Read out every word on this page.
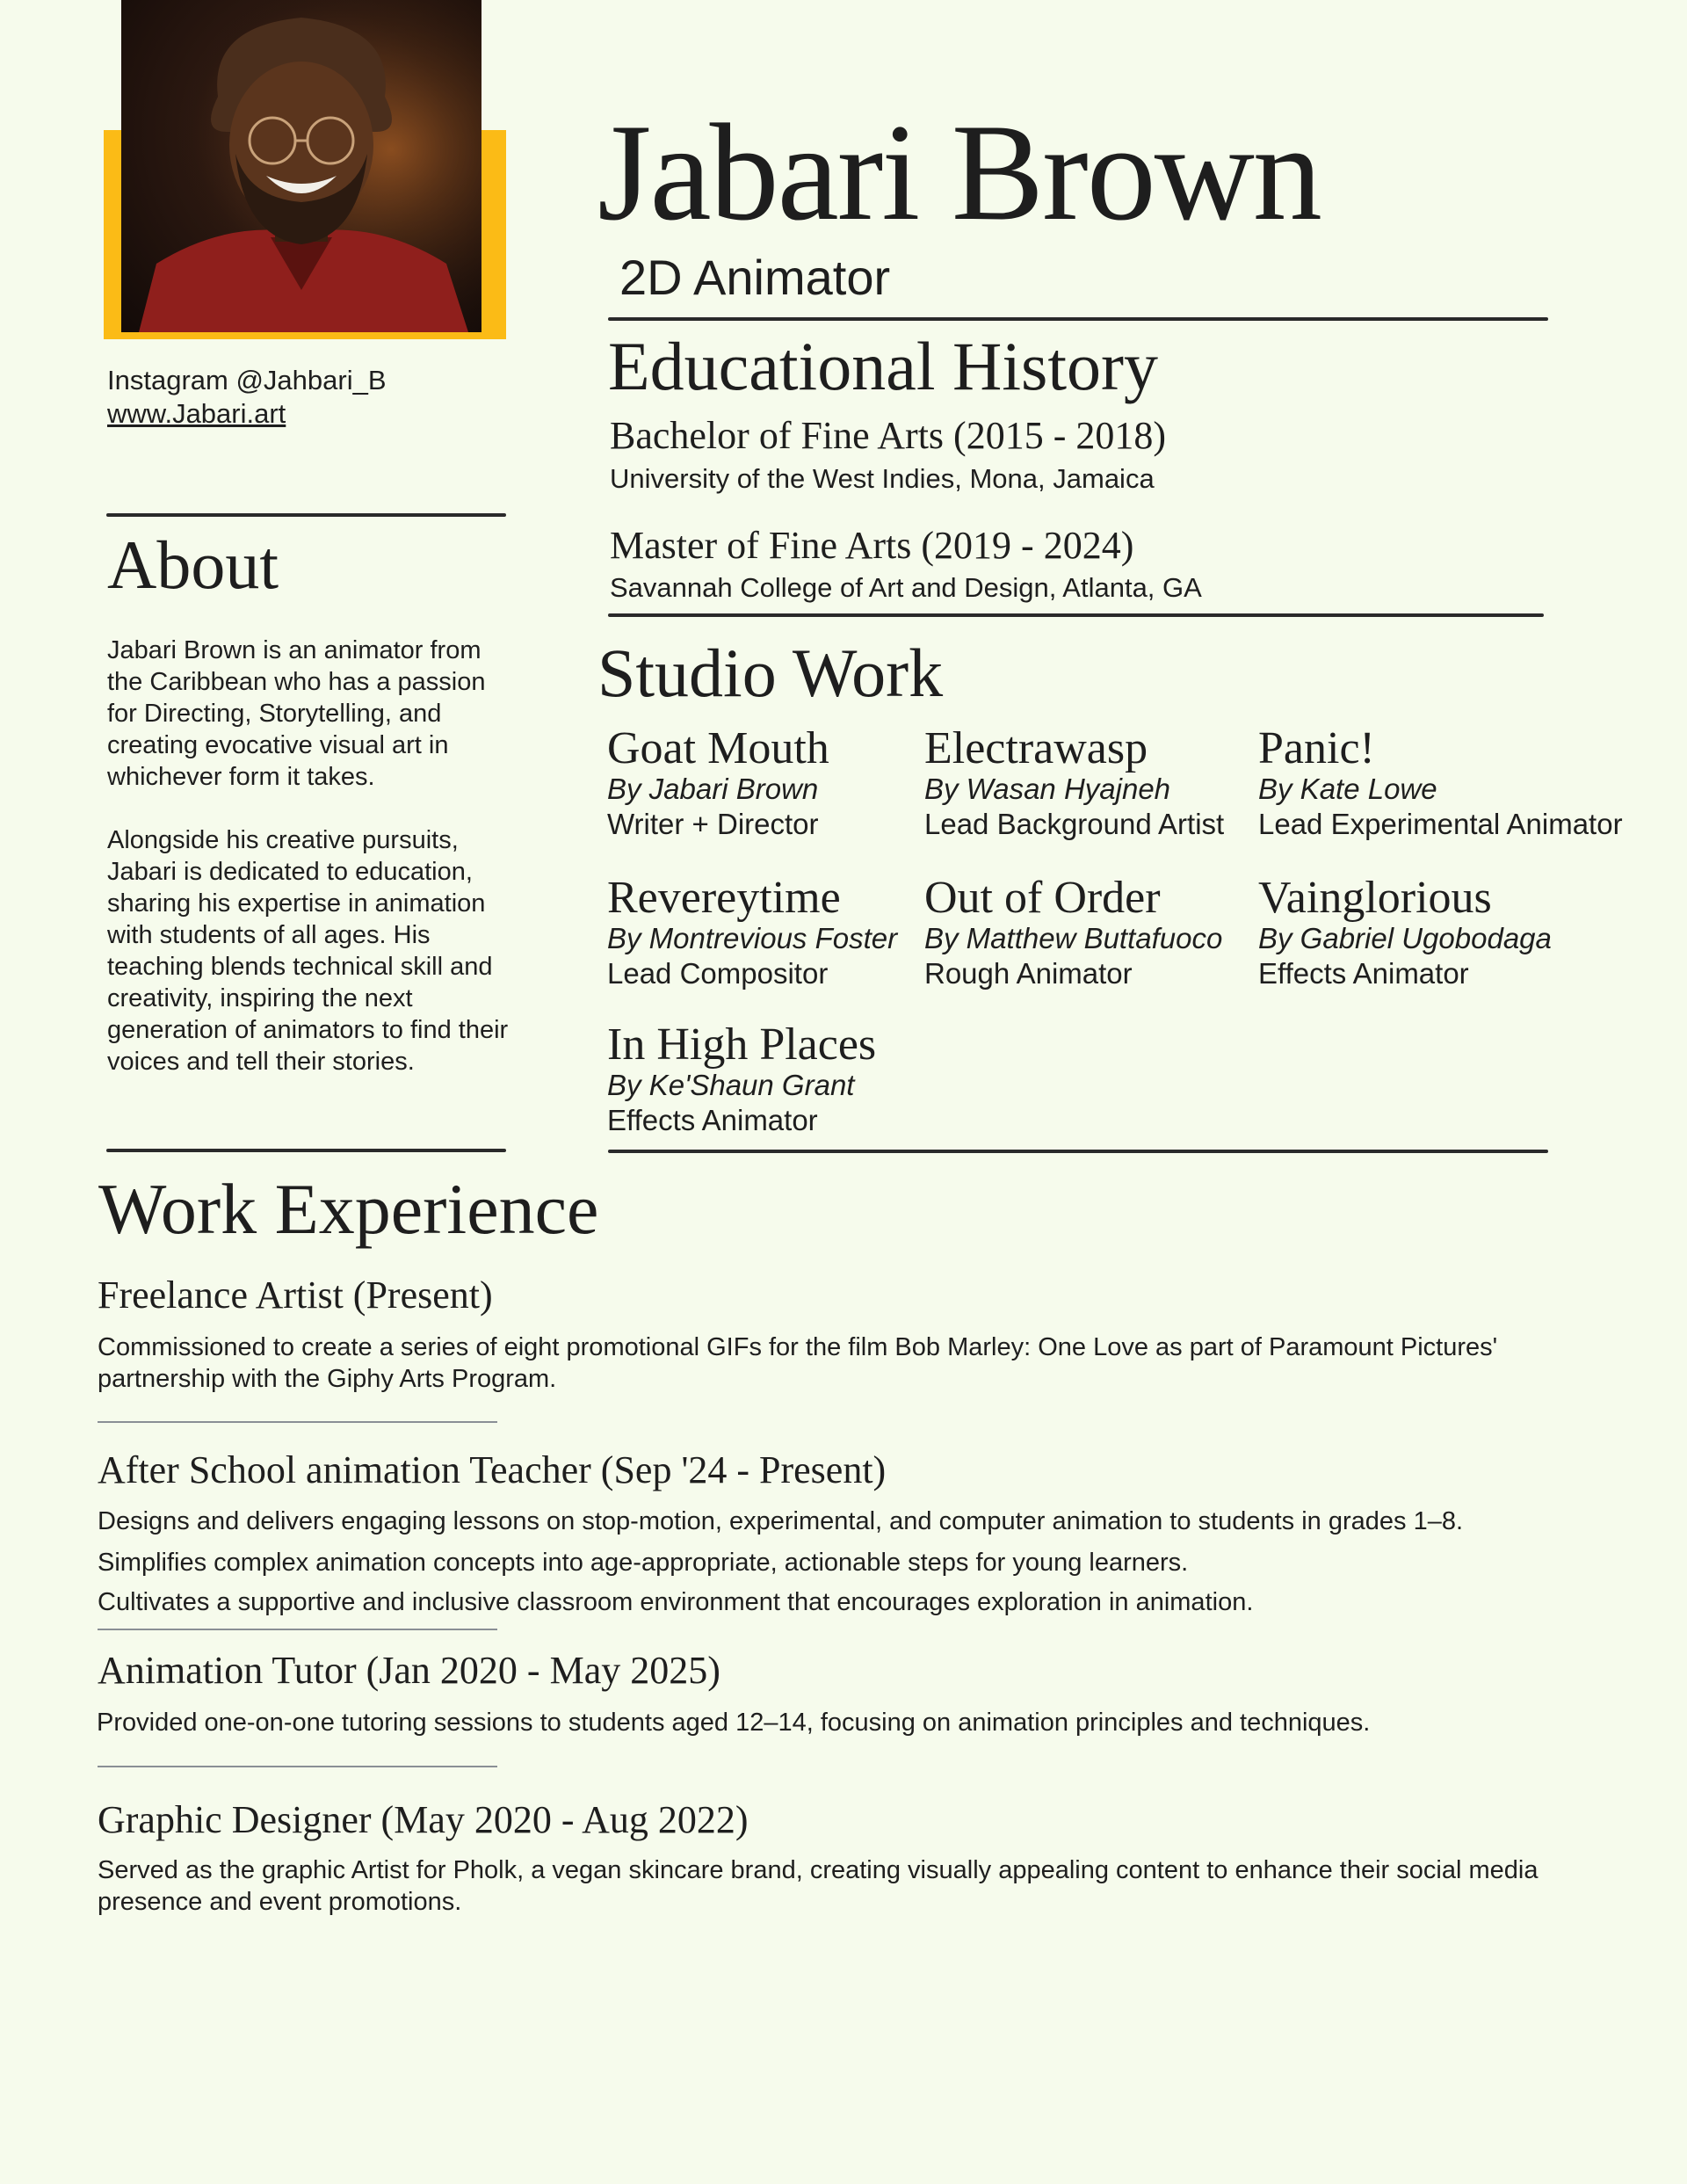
Instagram @Jahbari_B
www.Jabari.art
Jabari Brown
2D Animator
Educational History
Bachelor of Fine Arts (2015 - 2018)
University of the West Indies, Mona, Jamaica
Master of Fine Arts (2019 - 2024)
Savannah College of Art and Design, Atlanta, GA
About

Jabari Brown is an animator from the Caribbean who has a passion for Directing, Storytelling, and creating evocative visual art in whichever form it takes.

Alongside his creative pursuits, Jabari is dedicated to education, sharing his expertise in animation with students of all ages. His teaching blends technical skill and creativity, inspiring the next generation of animators to find their voices and tell their stories.

Studio Work
Goat Mouth
By Jabari Brown
Writer + Director
Electrawasp
By Wasan Hyajneh
Lead Background Artist
Panic!
By Kate Lowe
Lead Experimental Animator
Revereytime
By Montrevious Foster
Lead Compositor
Out of Order
By Matthew Buttafuoco
Rough Animator
Vainglorious
By Gabriel Ugobodaga
Effects Animator
In High Places
By Ke'Shaun Grant
Effects Animator
Work Experience
Freelance Artist (Present)
Commissioned to create a series of eight promotional GIFs for the film Bob Marley: One Love as part of Paramount Pictures' partnership with the Giphy Arts Program.
After School animation Teacher (Sep '24 - Present)
Designs and delivers engaging lessons on stop-motion, experimental, and computer animation to students in grades 1–8.
Simplifies complex animation concepts into age-appropriate, actionable steps for young learners.
Cultivates a supportive and inclusive classroom environment that encourages exploration in animation.
Animation Tutor (Jan 2020 - May 2025)
Provided one-on-one tutoring sessions to students aged 12–14, focusing on animation principles and techniques.
Graphic Designer (May 2020 - Aug 2022)
Served as the graphic Artist for Pholk, a vegan skincare brand, creating visually appealing content to enhance their social media presence and event promotions.
